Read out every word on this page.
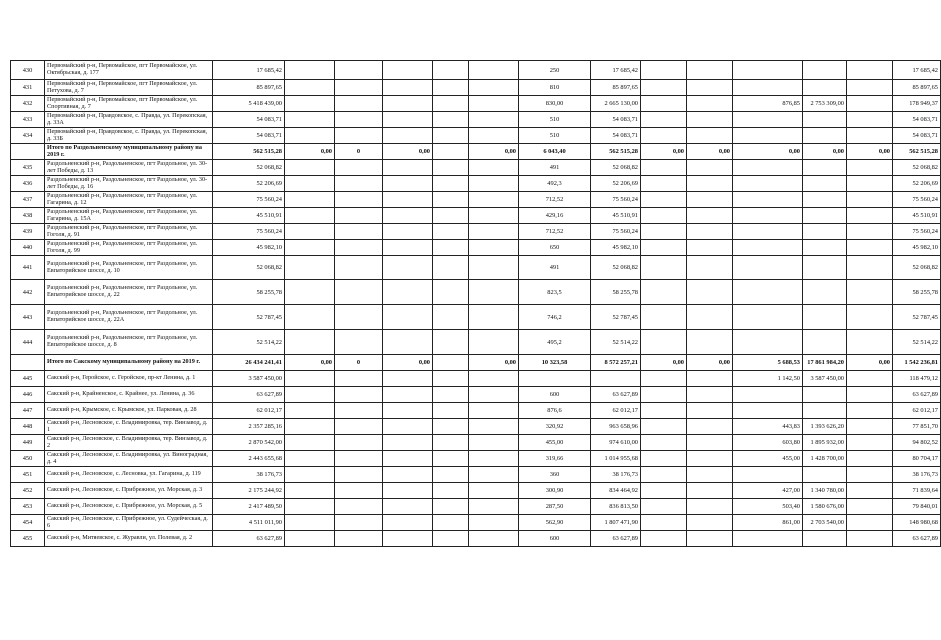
430	Первомайский р-н, Первомайское, пгт Первомайское, ул. Октябрьская, д. 177	17 685,42						250	17 685,42						17 685,42
431	Первомайский р-н, Первомайское, пгт Первомайское, ул. Петухова, д. 7	85 897,65						810	85 897,65						85 897,65
432	Первомайский р-н, Первомайское, пгт Первомайское, ул. Спортивная, д. 7	5 418 439,00						830,00	2 665 130,00			876,85	2 753 309,00		178 949,37
433	Первомайский р-н, Правдовское, с. Правда, ул. Перекопская, д. 33А	54 083,71						510	54 083,71						54 083,71
434	Первомайский р-н, Правдовское, с. Правда, ул. Перекопская, д. 33Б	54 083,71						510	54 083,71						54 083,71
	Итого по Раздольненскому муниципальному району на 2019 г.	562 515,28	0,00	0	0,00		0,00	6 043,40	562 515,28	0,00	0,00	0,00	0,00	0,00	562 515,28
435	Раздольненский р-н, Раздольненское, пгт Раздольное, ул. 30-лет Победы, д. 13	52 068,82						491	52 068,82						52 068,82
436	Раздольненский р-н, Раздольненское, пгт Раздольное, ул. 30-лет Победы, д. 16	52 206,69						492,3	52 206,69						52 206,69
437	Раздольненский р-н, Раздольненское, пгт Раздольное, ул. Гагарина, д. 12	75 560,24						712,52	75 560,24						75 560,24
438	Раздольненский р-н, Раздольненское, пгт Раздольное, ул. Гагарина, д. 15А	45 510,91						429,16	45 510,91						45 510,91
439	Раздольненский р-н, Раздольненское, пгт Раздольное, ул. Гоголя, д. 91	75 560,24						712,52	75 560,24						75 560,24
440	Раздольненский р-н, Раздольненское, пгт Раздольное, ул. Гоголя, д. 99	45 982,10						650	45 982,10						45 982,10
441	Раздольненский р-н, Раздольненское, пгт Раздольное, ул. Евпаторийское шоссе, д. 10	52 068,82						491	52 068,82						52 068,82
442	Раздольненский р-н, Раздольненское, пгт Раздольное, ул. Евпаторийское шоссе, д. 22	58 255,78						823,5	58 255,78						58 255,78
443	Раздольненский р-н, Раздольненское, пгт Раздольное, ул. Евпаторийское шоссе, д. 22А	52 787,45						746,2	52 787,45						52 787,45
444	Раздольненский р-н, Раздольненское, пгт Раздольное, ул. Евпаторийское шоссе, д. 8	52 514,22						495,2	52 514,22						52 514,22
	Итого по Сакскому муниципальному району на 2019 г.	26 434 241,41	0,00	0	0,00		0,00	10 323,58	8 572 257,21	0,00	0,00	5 688,53	17 861 984,20	0,00	1 542 236,81
445	Сакский р-н, Геройское, с. Геройское, пр-кт Ленина, д. 1	3 587 450,00										1 142,50	3 587 450,00		118 479,12
446	Сакский р-н, Крайненское, с. Крайнее, ул. Ленина, д. 36	63 627,89						600	63 627,89						63 627,89
447	Сакский р-н, Крымское, с. Крымское, ул. Парковая, д. 28	62 012,17						876,6	62 012,17						62 012,17
448	Сакский р-н, Лесновское, с. Владимировка, тер. Винзавод, д. 1	2 357 285,16						320,92	963 658,96			443,83	1 393 626,20		77 851,70
449	Сакский р-н, Лесновское, с. Владимировка, тер. Винзавод, д. 2	2 870 542,00						455,00	974 610,00			603,80	1 895 932,00		94 802,52
450	Сакский р-н, Лесновское, с. Владимировка, ул. Виноградная, д. 4	2 443 655,68						319,66	1 014 955,68			455,00	1 428 700,00		80 704,17
451	Сакский р-н, Лесновское, с. Лесновка, ул. Гагарина, д. 119	38 176,73						360	38 176,73						38 176,73
452	Сакский р-н, Лесновское, с. Прибрежное, ул. Морская, д. 3	2 175 244,92						300,90	834 464,92			427,00	1 340 780,00		71 839,64
453	Сакский р-н, Лесновское, с. Прибрежное, ул. Морская, д. 5	2 417 489,50						287,50	836 813,50			503,40	1 580 676,00		79 840,01
454	Сакский р-н, Лесновское, с. Прибрежное, ул. Судейческая, д. 6	4 511 011,90						562,90	1 807 471,90			861,00	2 703 540,00		148 980,68
455	Сакский р-н, Митяевское, с. Журавли, ул. Полевая, д. 2	63 627,89						600	63 627,89						63 627,89
